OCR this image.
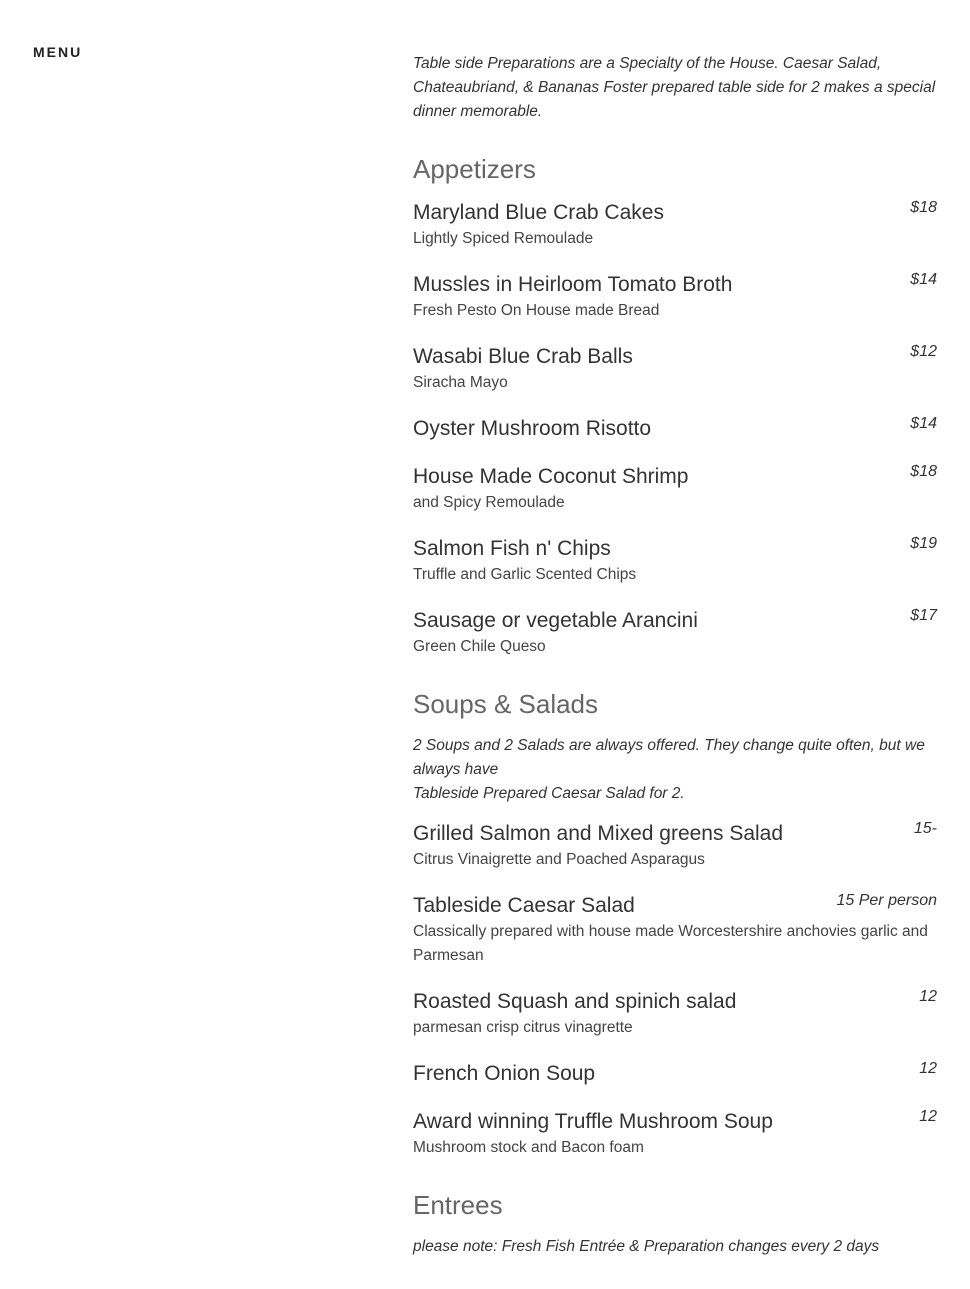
MENU

Table side Preparations are a Specialty of the House. Caesar Salad, Chateaubriand, & Bananas Foster prepared table side for 2 makes a special dinner memorable.

Appetizers
Maryland Blue Crab Cakes	$18
Lightly Spiced Remoulade
Mussles in Heirloom Tomato Broth	$14
Fresh Pesto On House made Bread
Wasabi Blue Crab Balls	$12
Siracha Mayo
Oyster Mushroom Risotto	$14
House Made Coconut Shrimp	$18
and Spicy Remoulade
Salmon Fish n' Chips	$19
Truffle and Garlic Scented Chips
Sausage or vegetable Arancini	$17
Green Chile Queso
Soups & Salads

2 Soups and 2 Salads are always offered. They change quite often, but we always have
Tableside Prepared Caesar Salad for 2.

Grilled Salmon and Mixed greens Salad	15-
Citrus Vinaigrette and Poached Asparagus
Tableside Caesar Salad	15 Per person
Classically prepared with house made Worcestershire anchovies garlic and Parmesan
Roasted Squash and spinich salad	12
parmesan crisp citrus vinagrette
French Onion Soup	12
Award winning Truffle Mushroom Soup	12
Mushroom stock and Bacon foam
Entrees

please note: Fresh Fish Entrée & Preparation changes every 2 days
